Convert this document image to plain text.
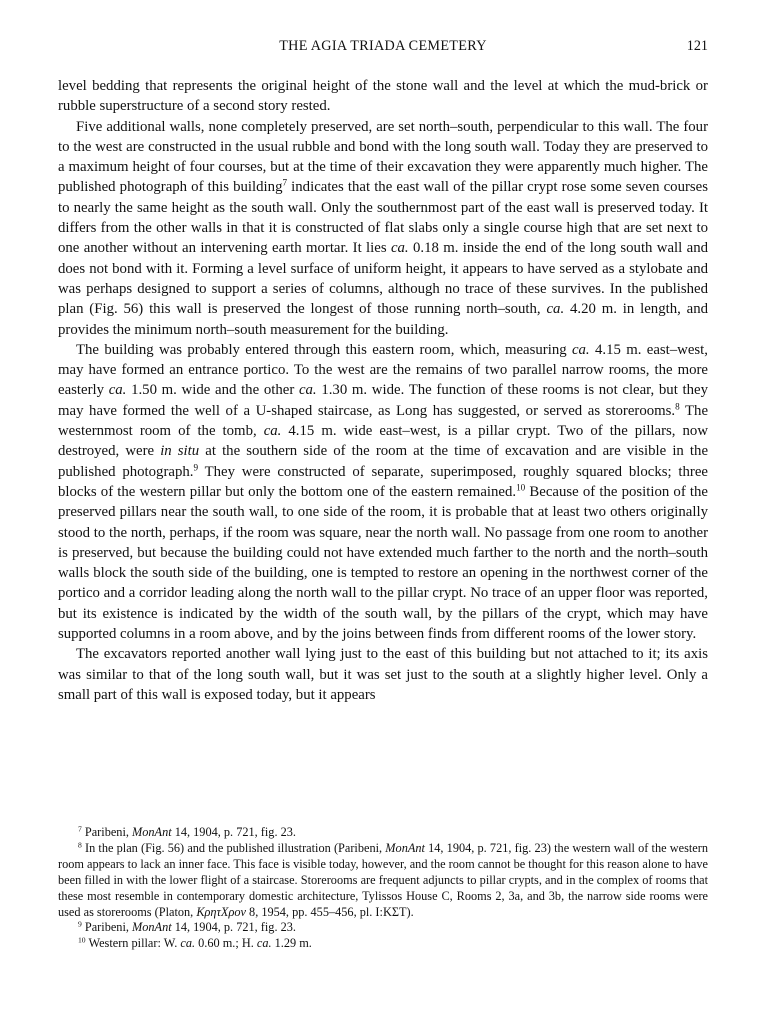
THE AGIA TRIADA CEMETERY	121

level bedding that represents the original height of the stone wall and the level at which the mud-brick or rubble superstructure of a second story rested.

Five additional walls, none completely preserved, are set north–south, perpendicular to this wall. The four to the west are constructed in the usual rubble and bond with the long south wall. Today they are preserved to a maximum height of four courses, but at the time of their excavation they were apparently much higher. The published photograph of this building$^7$ indicates that the east wall of the pillar crypt rose some seven courses to nearly the same height as the south wall. Only the southernmost part of the east wall is preserved today. It differs from the other walls in that it is constructed of flat slabs only a single course high that are set next to one another without an intervening earth mortar. It lies ca. 0.18 m. inside the end of the long south wall and does not bond with it. Forming a level surface of uniform height, it appears to have served as a stylobate and was perhaps designed to support a series of columns, although no trace of these survives. In the published plan (Fig. 56) this wall is preserved the longest of those running north–south, ca. 4.20 m. in length, and provides the minimum north–south measurement for the building.

The building was probably entered through this eastern room, which, measuring ca. 4.15 m. east–west, may have formed an entrance portico. To the west are the remains of two parallel narrow rooms, the more easterly ca. 1.50 m. wide and the other ca. 1.30 m. wide. The function of these rooms is not clear, but they may have formed the well of a U-shaped staircase, as Long has suggested, or served as storerooms.$^8$ The westernmost room of the tomb, ca. 4.15 m. wide east–west, is a pillar crypt. Two of the pillars, now destroyed, were in situ at the southern side of the room at the time of excavation and are visible in the published photograph.$^9$ They were constructed of separate, superimposed, roughly squared blocks; three blocks of the western pillar but only the bottom one of the eastern remained.$^{10}$ Because of the position of the preserved pillars near the south wall, to one side of the room, it is probable that at least two others originally stood to the north, perhaps, if the room was square, near the north wall. No passage from one room to another is preserved, but because the building could not have extended much farther to the north and the north–south walls block the south side of the building, one is tempted to restore an opening in the northwest corner of the portico and a corridor leading along the north wall to the pillar crypt. No trace of an upper floor was reported, but its existence is indicated by the width of the south wall, by the pillars of the crypt, which may have supported columns in a room above, and by the joins between finds from different rooms of the lower story.

The excavators reported another wall lying just to the east of this building but not attached to it; its axis was similar to that of the long south wall, but it was set just to the south at a slightly higher level. Only a small part of this wall is exposed today, but it appears

$^7$ Paribeni, MonAnt 14, 1904, p. 721, fig. 23.

$^8$ In the plan (Fig. 56) and the published illustration (Paribeni, MonAnt 14, 1904, p. 721, fig. 23) the western wall of the western room appears to lack an inner face. This face is visible today, however, and the room cannot be thought for this reason alone to have been filled in with the lower flight of a staircase. Storerooms are frequent adjuncts to pillar crypts, and in the complex of rooms that these most resemble in contemporary domestic architecture, Tylissos House C, Rooms 2, 3a, and 3b, the narrow side rooms were used as storerooms (Platon, ΚρητΧρον 8, 1954, pp. 455–456, pl. I:ΚΣΤ).

$^9$ Paribeni, MonAnt 14, 1904, p. 721, fig. 23.

$^{10}$ Western pillar: W. ca. 0.60 m.; H. ca. 1.29 m.
